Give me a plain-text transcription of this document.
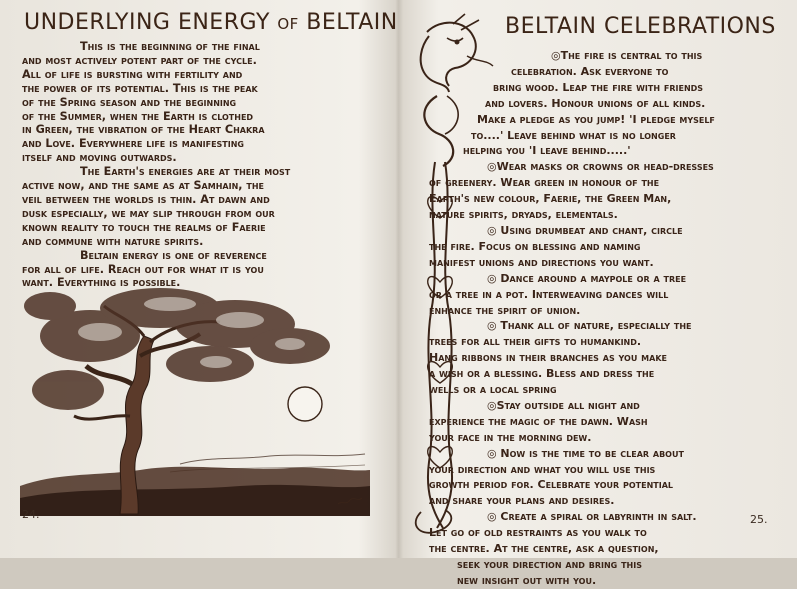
UNDERLYING ENERGY of BELTAIN
This is the beginning of the final
and most actively potent part of the cycle.
All of life is bursting with fertility and
the power of its potential. This is the peak
of the Spring season and the beginning
of the Summer, when the Earth is clothed
in Green, the vibration of the Heart Chakra
and Love. Everywhere life is manifesting
itself and moving outwards.
The Earth's energies are at their most
active now, and the same as at Samhain, the
veil between the worlds is thin. At dawn and
dusk especially, we may slip through from our
known reality to touch the realms of Faerie
and commune with nature spirits.
Beltain energy is one of reverence
for all of life. Reach out for what it is you
want. Everything is possible.
24.
BELTAIN CELEBRATIONS
◎The fire is central to this
celebration. Ask everyone to
bring wood. Leap the fire with friends
and lovers. Honour unions of all kinds.
Make a pledge as you jump! 'I pledge myself
to....' Leave behind what is no longer
helping you 'I leave behind.....'
◎Wear masks or crowns or head-dresses
of greenery. Wear green in honour of the
Earth's new colour, Faerie, the Green Man,
nature spirits, dryads, elementals.
◎ Using drumbeat and chant, circle
the fire. Focus on blessing and naming
manifest unions and directions you want.
◎ Dance around a maypole or a tree
or a tree in a pot. Interweaving dances will
enhance the spirit of union.
◎ Thank all of nature, especially the
trees for all their gifts to humankind.
Hang ribbons in their branches as you make
a wish or a blessing. Bless and dress the
wells or a local spring
◎Stay outside all night and
experience the magic of the dawn. Wash
your face in the morning dew.
◎ Now is the time to be clear about
your direction and what you will use this
growth period for. Celebrate your potential
and share your plans and desires.
◎ Create a spiral or labyrinth in salt.
Let go of old restraints as you walk to
the centre. At the centre, ask a question,
seek your direction and bring this
new insight out with you.
25.
